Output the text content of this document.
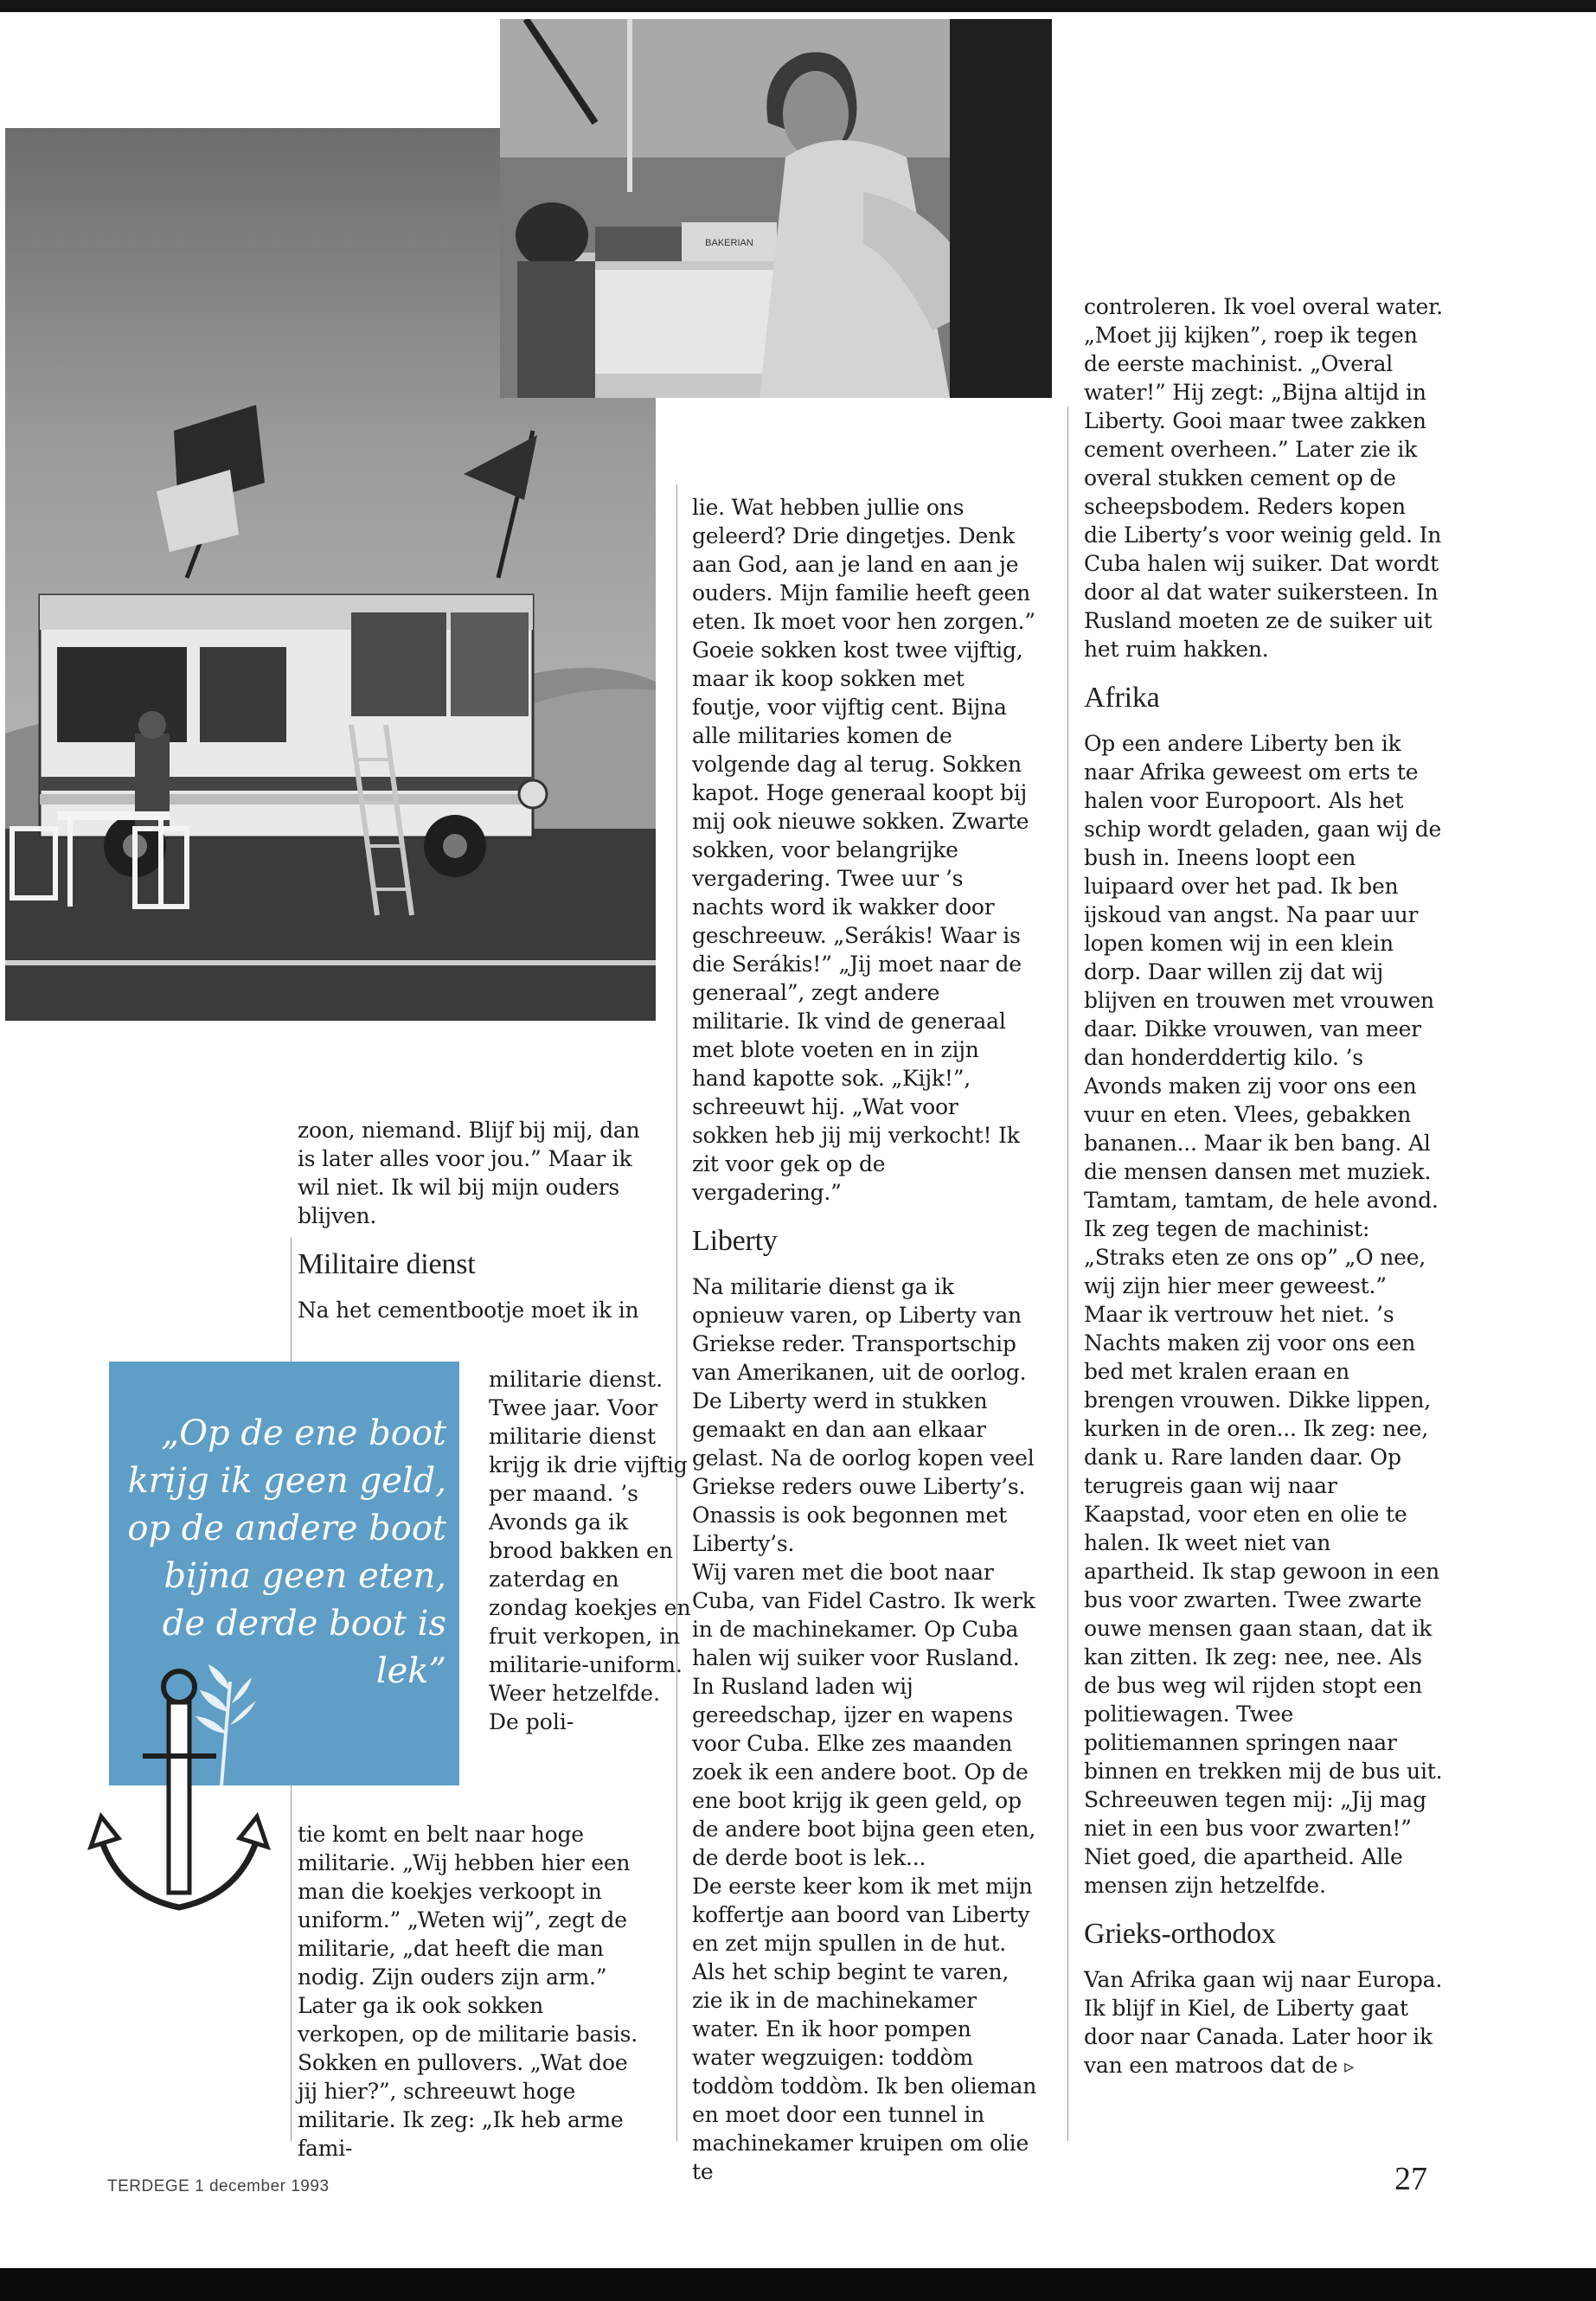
BAKERIAN

zoon, niemand. Blijf bij mij, dan is later alles voor jou.” Maar ik wil niet. Ik wil bij mijn ouders blijven.

Militaire dienst

Na het cementbootje moet ik in

militarie dienst. Twee jaar. Voor militarie dienst krijg ik drie vijftig per maand. ’s Avonds ga ik brood bakken en zaterdag en zondag koekjes en fruit verkopen, in militarie-uniform. Weer hetzelfde. De poli-

tie komt en belt naar hoge militarie. „Wij hebben hier een man die koekjes verkoopt in uniform.” „Weten wij”, zegt de militarie, „dat heeft die man nodig. Zijn ouders zijn arm.” Later ga ik ook sokken verkopen, op de militarie basis. Sokken en pullovers. „Wat doe jij hier?”, schreeuwt hoge militarie. Ik zeg: „Ik heb arme fami-

„Op de ene boot krijg ik geen geld, op de andere boot bijna geen eten, de derde boot is lek”

lie. Wat hebben jullie ons geleerd? Drie dingetjes. Denk aan God, aan je land en aan je ouders. Mijn familie heeft geen eten. Ik moet voor hen zorgen.” Goeie sokken kost twee vijftig, maar ik koop sokken met foutje, voor vijftig cent. Bijna alle militaries komen de volgende dag al terug. Sokken kapot. Hoge generaal koopt bij mij ook nieuwe sokken. Zwarte sokken, voor belangrijke vergadering. Twee uur ’s nachts word ik wakker door geschreeuw. „Serákis! Waar is die Serákis!” „Jij moet naar de generaal”, zegt andere militarie. Ik vind de generaal met blote voeten en in zijn hand kapotte sok. „Kijk!”, schreeuwt hij. „Wat voor sokken heb jij mij verkocht! Ik zit voor gek op de vergadering.”

Liberty

Na militarie dienst ga ik opnieuw varen, op Liberty van Griekse reder. Transportschip van Amerikanen, uit de oorlog. De Liberty werd in stukken gemaakt en dan aan elkaar gelast. Na de oorlog kopen veel Griekse reders ouwe Liberty’s. Onassis is ook begonnen met Liberty’s.

Wij varen met die boot naar Cuba, van Fidel Castro. Ik werk in de machinekamer. Op Cuba halen wij suiker voor Rusland. In Rusland laden wij gereedschap, ijzer en wapens voor Cuba. Elke zes maanden zoek ik een andere boot. Op de ene boot krijg ik geen geld, op de andere boot bijna geen eten, de derde boot is lek...

De eerste keer kom ik met mijn koffertje aan boord van Liberty en zet mijn spullen in de hut. Als het schip begint te varen, zie ik in de machinekamer water. En ik hoor pompen water wegzuigen: toddòm toddòm toddòm. Ik ben olieman en moet door een tunnel in machinekamer kruipen om olie te

controleren. Ik voel overal water. „Moet jij kijken”, roep ik tegen de eerste machinist. „Overal water!” Hij zegt: „Bijna altijd in Liberty. Gooi maar twee zakken cement overheen.” Later zie ik overal stukken cement op de scheepsbodem. Reders kopen die Liberty’s voor weinig geld. In Cuba halen wij suiker. Dat wordt door al dat water suikersteen. In Rusland moeten ze de suiker uit het ruim hakken.

Afrika

Op een andere Liberty ben ik naar Afrika geweest om erts te halen voor Europoort. Als het schip wordt geladen, gaan wij de bush in. Ineens loopt een luipaard over het pad. Ik ben ijskoud van angst. Na paar uur lopen komen wij in een klein dorp. Daar willen zij dat wij blijven en trouwen met vrouwen daar. Dikke vrouwen, van meer dan honderddertig kilo. ’s Avonds maken zij voor ons een vuur en eten. Vlees, gebakken bananen... Maar ik ben bang. Al die mensen dansen met muziek. Tamtam, tamtam, de hele avond. Ik zeg tegen de machinist: „Straks eten ze ons op” „O nee, wij zijn hier meer geweest.” Maar ik vertrouw het niet. ’s Nachts maken zij voor ons een bed met kralen eraan en brengen vrouwen. Dikke lippen, kurken in de oren... Ik zeg: nee, dank u. Rare landen daar. Op terugreis gaan wij naar Kaapstad, voor eten en olie te halen. Ik weet niet van apartheid. Ik stap gewoon in een bus voor zwarten. Twee zwarte ouwe mensen gaan staan, dat ik kan zitten. Ik zeg: nee, nee. Als de bus weg wil rijden stopt een politiewagen. Twee politiemannen springen naar binnen en trekken mij de bus uit. Schreeuwen tegen mij: „Jij mag niet in een bus voor zwarten!” Niet goed, die apartheid. Alle mensen zijn hetzelfde.

Grieks-orthodox

Van Afrika gaan wij naar Europa. Ik blijf in Kiel, de Liberty gaat door naar Canada. Later hoor ik van een matroos dat de ▹

TERDEGE 1 december 1993	27
